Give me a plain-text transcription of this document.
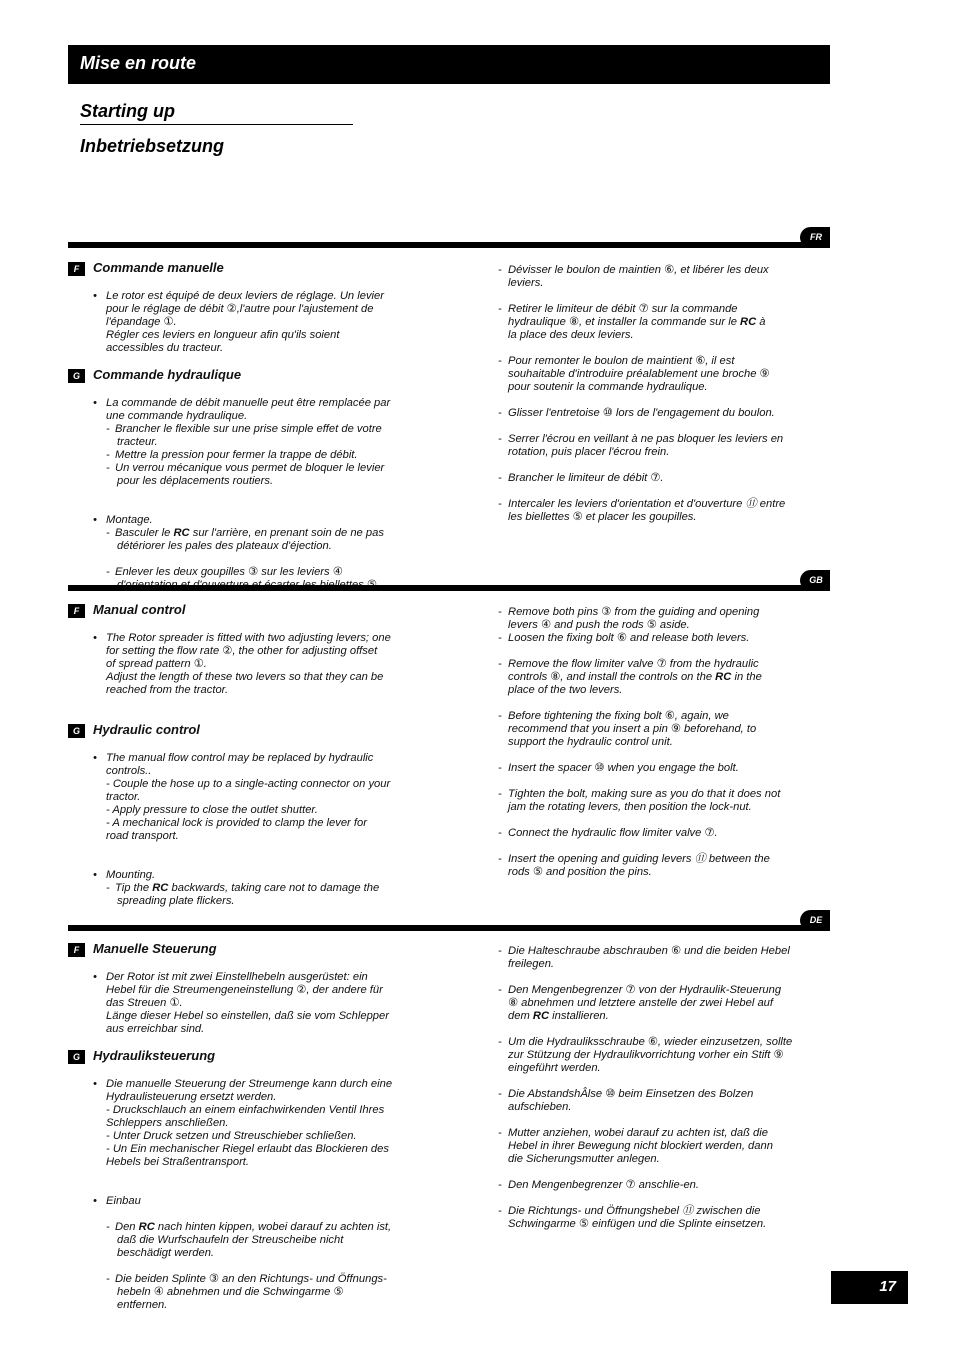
Mise en route
Starting up
Inbetriebsetzung
FR
F	Commande manuelle
• Le rotor est équipé de deux leviers de réglage. Un levier
pour le réglage de débit ②,l'autre pour l'ajustement de
l'épandage ①.
Régler ces leviers en longueur afin qu'ils soient
accessibles du tracteur.
G	Commande hydraulique
• La commande de débit manuelle peut être remplacée par
une commande hydraulique.
- Brancher le flexible sur une prise simple effet de votre
tracteur.
- Mettre la pression pour fermer la trappe de débit.
- Un verrou mécanique vous permet de bloquer le levier
pour les déplacements routiers.
• Montage.
- Basculer le RC sur l'arrière, en prenant soin de ne pas
détériorer les pales des plateaux d'éjection.
- Enlever les deux goupilles ③ sur les leviers ④
- Dévisser le boulon de maintien ⑥, et libérer les deux
leviers.
- Retirer le limiteur de débit ⑦ sur la commande
hydraulique ⑧, et installer la commande sur le RC à
la place des deux leviers.
- Pour remonter le boulon de maintient ⑥, il est
souhaitable d'introduire préalablement une broche ⑨
pour soutenir la commande hydraulique.
- Glisser l'entretoise ⑩ lors de l'engagement du boulon.
- Serrer l'écrou en veillant à ne pas bloquer les leviers en
rotation, puis placer l'écrou frein.
- Brancher le limiteur de débit ⑦.
- Intercaler les leviers d'orientation et d'ouverture ⑪ entre
les biellettes ⑤ et placer les goupilles.
GB
F	Manual control
• The Rotor spreader is fitted with two adjusting levers; one
for setting the flow rate ②, the other for adjusting offset
of spread pattern ①.
Adjust the length of these two levers so that they can be
reached from the tractor.
G	Hydraulic control
• The manual flow control may be replaced by hydraulic
controls..
- Couple the hose up to a single-acting connector on your
tractor.
- Apply pressure to close the outlet shutter.
- A mechanical lock is provided to clamp the lever for
road transport.
• Mounting.
- Tip the RC backwards, taking care not to damage the
spreading plate flickers.
- Remove both pins ③ from the guiding and opening
levers ④ and push the rods ⑤ aside.
- Loosen the fixing bolt ⑥ and release both levers.
- Remove the flow limiter valve ⑦ from the hydraulic
controls ⑧, and install the controls on the RC in the
place of the two levers.
- Before tightening the fixing bolt ⑥, again, we
recommend that you insert a pin ⑨ beforehand, to
support the hydraulic control unit.
- Insert the spacer ⑩ when you engage the bolt.
- Tighten the bolt, making sure as you do that it does not
jam the rotating levers, then position the lock-nut.
- Connect the hydraulic flow limiter valve ⑦.
- Insert the opening and guiding levers ⑪ between the
rods ⑤ and position the pins.
DE
F	Manuelle Steuerung
• Der Rotor ist mit zwei Einstellhebeln ausgerüstet: ein
Hebel für die Streumengeneinstellung ②, der andere für
das Streuen ①.
Länge dieser Hebel so einstellen, daß sie vom Schlepper
aus erreichbar sind.
G	Hydrauliksteuerung
• Die manuelle Steuerung der Streumenge kann durch eine
Hydraulisteuerung ersetzt werden.
- Druckschlauch an einem einfachwirkenden Ventil Ihres
Schleppers anschließen.
- Unter Druck setzen und Streuschieber schließen.
- Un Ein mechanischer Riegel erlaubt das Blockieren des
Hebels bei Straßentransport.
• Einbau
- Den RC nach hinten kippen, wobei darauf zu achten ist,
daß die Wurfschaufeln der Streuscheibe nicht
beschädigt werden.
- Die beiden Splinte ③ an den Richtungs- und Öffnungs-
hebeln ④ abnehmen und die Schwingarme ⑤
entfernen.
- Die Halteschraube abschrauben ⑥ und die beiden Hebel
freilegen.
- Den Mengenbegrenzer ⑦ von der Hydraulik-Steuerung
⑧ abnehmen und letztere anstelle der zwei Hebel auf
dem RC installieren.
- Um die Hydrauliksschraube ⑥, wieder einzusetzen, sollte
zur Stützung der Hydraulikvorrichtung vorher ein Stift ⑨
eingeführt werden.
- Die AbstandshÂlse ⑩ beim Einsetzen des Bolzen
aufschieben.
- Mutter anziehen, wobei darauf zu achten ist, daß die
Hebel in ihrer Bewegung nicht blockiert werden, dann
die Sicherungsmutter anlegen.
- Den Mengenbegrenzer ⑦ anschlie-en.
- Die Richtungs- und Öffnungshebel ⑪ zwischen die
Schwingarme ⑤ einfügen und die Splinte einsetzen.
17
